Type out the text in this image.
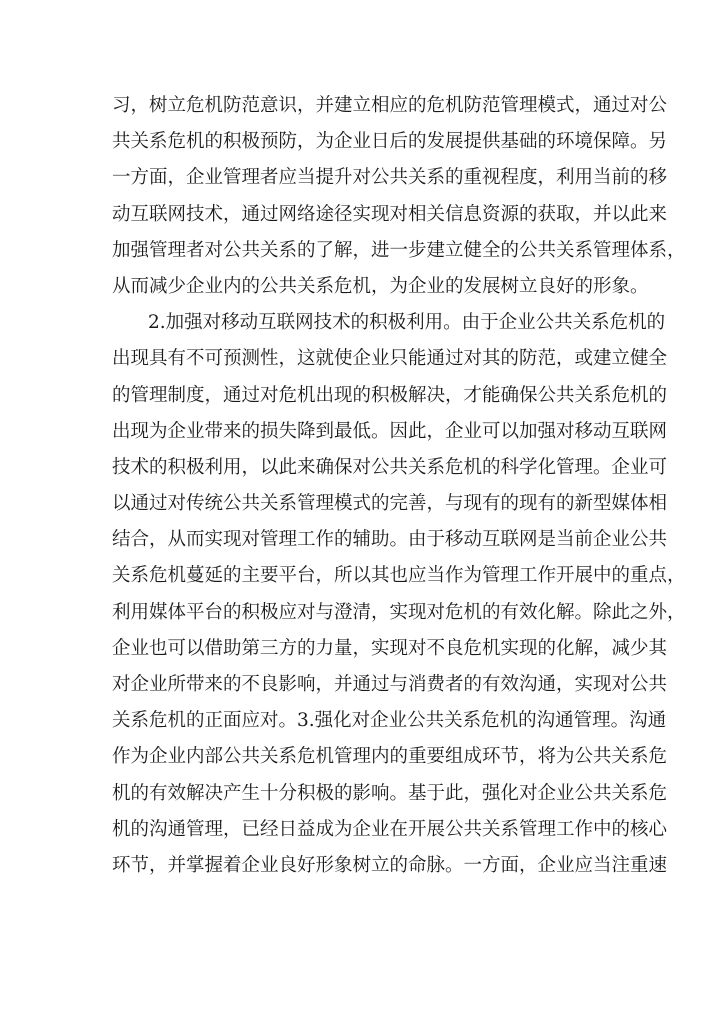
习，树立危机防范意识，并建立相应的危机防范管理模式，通过对公
共关系危机的积极预防，为企业日后的发展提供基础的环境保障。另
一方面，企业管理者应当提升对公共关系的重视程度，利用当前的移
动互联网技术，通过网络途径实现对相关信息资源的获取，并以此来
加强管理者对公共关系的了解，进一步建立健全的公共关系管理体系，
从而减少企业内的公共关系危机，为企业的发展树立良好的形象。
2.加强对移动互联网技术的积极利用。由于企业公共关系危机的
出现具有不可预测性，这就使企业只能通过对其的防范，或建立健全
的管理制度，通过对危机出现的积极解决，才能确保公共关系危机的
出现为企业带来的损失降到最低。因此，企业可以加强对移动互联网
技术的积极利用，以此来确保对公共关系危机的科学化管理。企业可
以通过对传统公共关系管理模式的完善，与现有的现有的新型媒体相
结合，从而实现对管理工作的辅助。由于移动互联网是当前企业公共
关系危机蔓延的主要平台，所以其也应当作为管理工作开展中的重点，
利用媒体平台的积极应对与澄清，实现对危机的有效化解。除此之外，
企业也可以借助第三方的力量，实现对不良危机实现的化解，减少其
对企业所带来的不良影响，并通过与消费者的有效沟通，实现对公共
关系危机的正面应对。3.强化对企业公共关系危机的沟通管理。沟通
作为企业内部公共关系危机管理内的重要组成环节，将为公共关系危
机的有效解决产生十分积极的影响。基于此，强化对企业公共关系危
机的沟通管理，已经日益成为企业在开展公共关系管理工作中的核心
环节，并掌握着企业良好形象树立的命脉。一方面，企业应当注重速
